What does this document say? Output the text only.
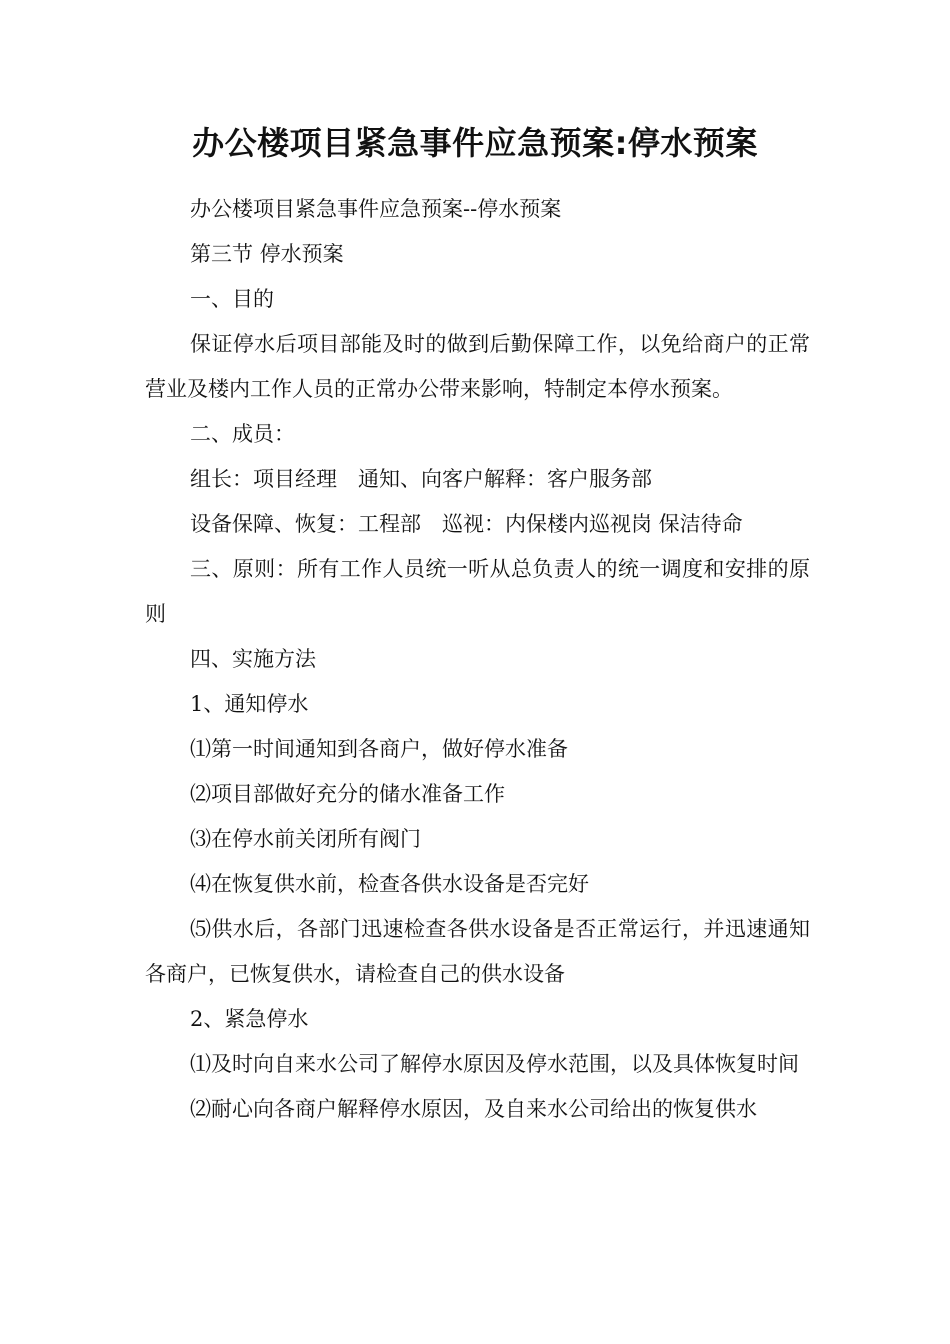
办公楼项目紧急事件应急预案:停水预案

办公楼项目紧急事件应急预案--停水预案

第三节 停水预案

一、目的

保证停水后项目部能及时的做到后勤保障工作，以免给商户的正常营业及楼内工作人员的正常办公带来影响，特制定本停水预案。

二、成员：

组长：项目经理　通知、向客户解释：客户服务部

设备保障、恢复：工程部　巡视：内保楼内巡视岗 保洁待命

三、原则：所有工作人员统一听从总负责人的统一调度和安排的原则

四、实施方法

1、通知停水

⑴第一时间通知到各商户，做好停水准备

⑵项目部做好充分的储水准备工作

⑶在停水前关闭所有阀门

⑷在恢复供水前，检查各供水设备是否完好

⑸供水后，各部门迅速检查各供水设备是否正常运行，并迅速通知各商户，已恢复供水，请检查自己的供水设备

2、紧急停水

⑴及时向自来水公司了解停水原因及停水范围，以及具体恢复时间

⑵耐心向各商户解释停水原因，及自来水公司给出的恢复供水
